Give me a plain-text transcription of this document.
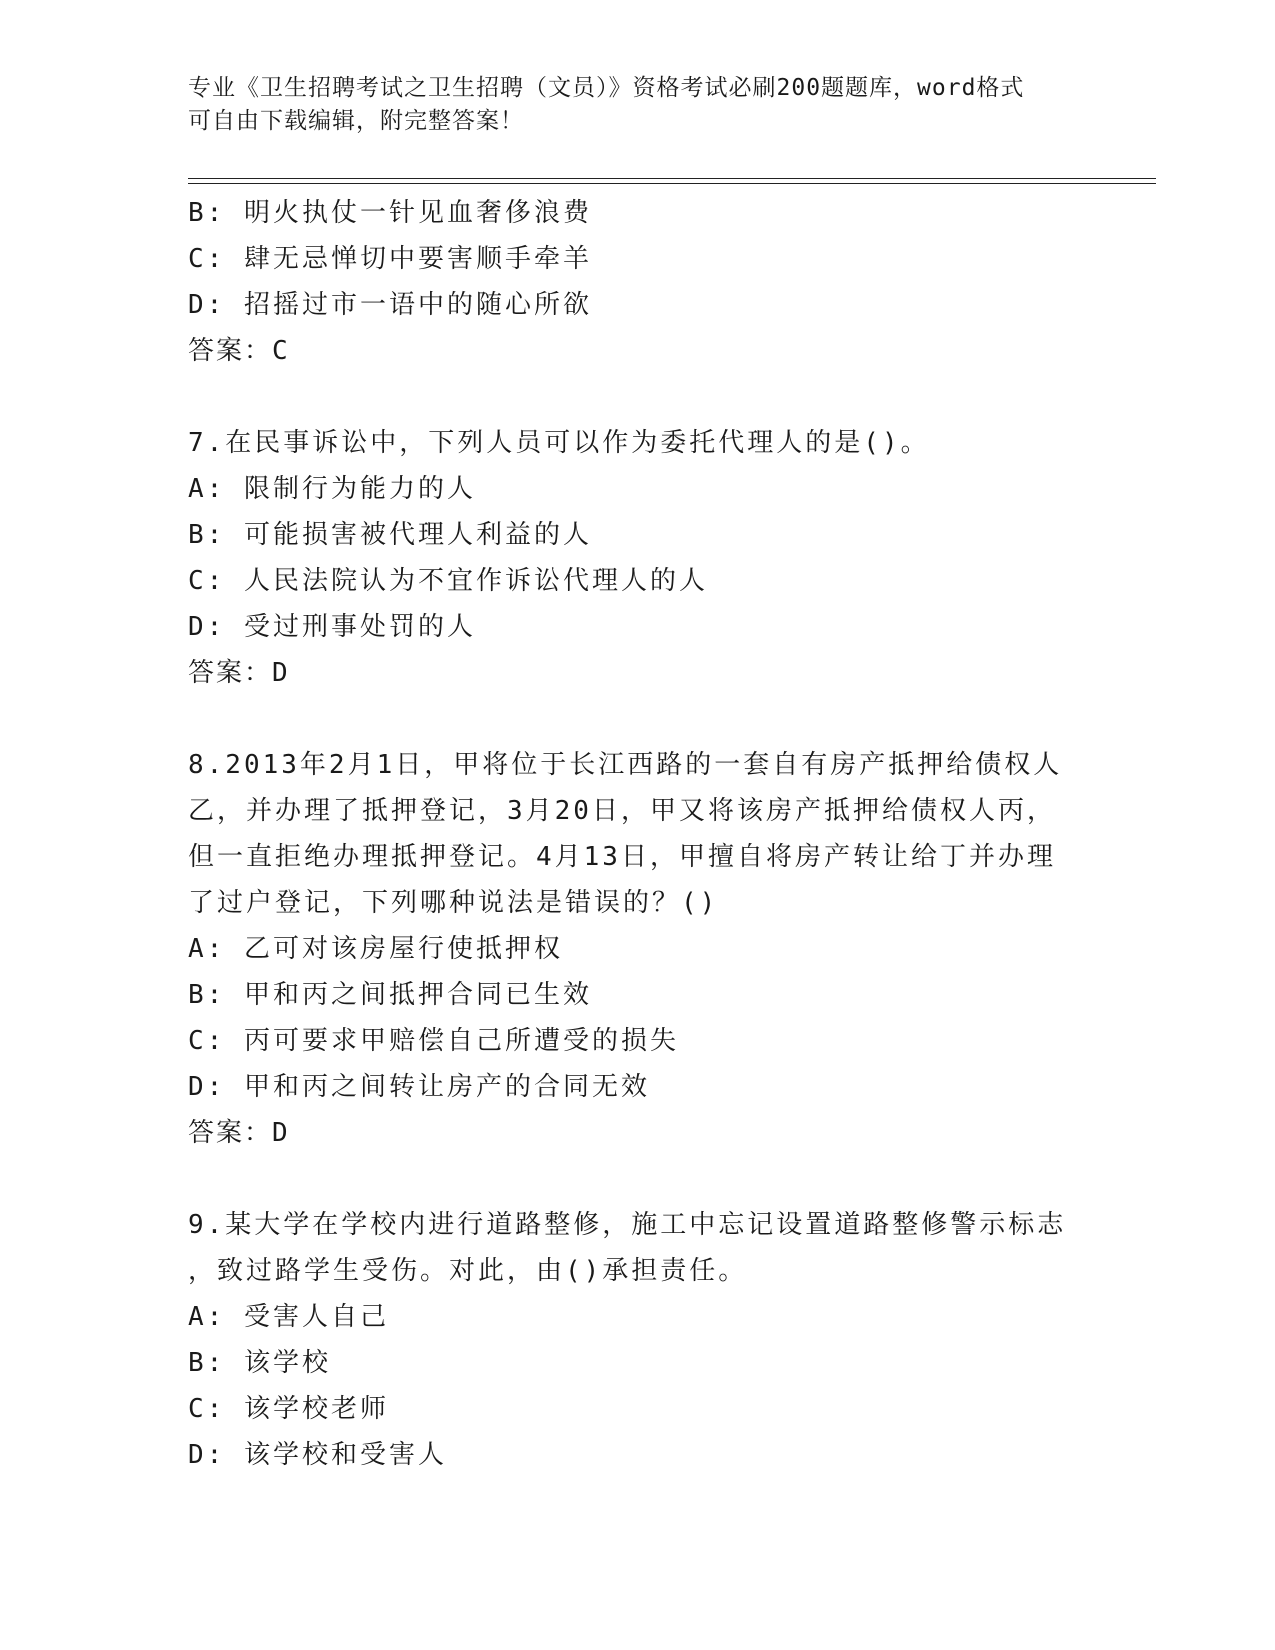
专业《卫生招聘考试之卫生招聘（文员）》资格考试必刷200题题库，word格式
可自由下载编辑，附完整答案！
B: 明火执仗一针见血奢侈浪费
C: 肆无忌惮切中要害顺手牵羊
D: 招摇过市一语中的随心所欲
答案：C
7.在民事诉讼中，下列人员可以作为委托代理人的是()。
A: 限制行为能力的人
B: 可能损害被代理人利益的人
C: 人民法院认为不宜作诉讼代理人的人
D: 受过刑事处罚的人
答案：D
8.2013年2月1日，甲将位于长江西路的一套自有房产抵押给债权人
乙，并办理了抵押登记，3月20日，甲又将该房产抵押给债权人丙，
但一直拒绝办理抵押登记。4月13日，甲擅自将房产转让给丁并办理
了过户登记，下列哪种说法是错误的？()
A: 乙可对该房屋行使抵押权
B: 甲和丙之间抵押合同已生效
C: 丙可要求甲赔偿自己所遭受的损失
D: 甲和丙之间转让房产的合同无效
答案：D
9.某大学在学校内进行道路整修，施工中忘记设置道路整修警示标志
，致过路学生受伤。对此，由()承担责任。
A: 受害人自己
B: 该学校
C: 该学校老师
D: 该学校和受害人
